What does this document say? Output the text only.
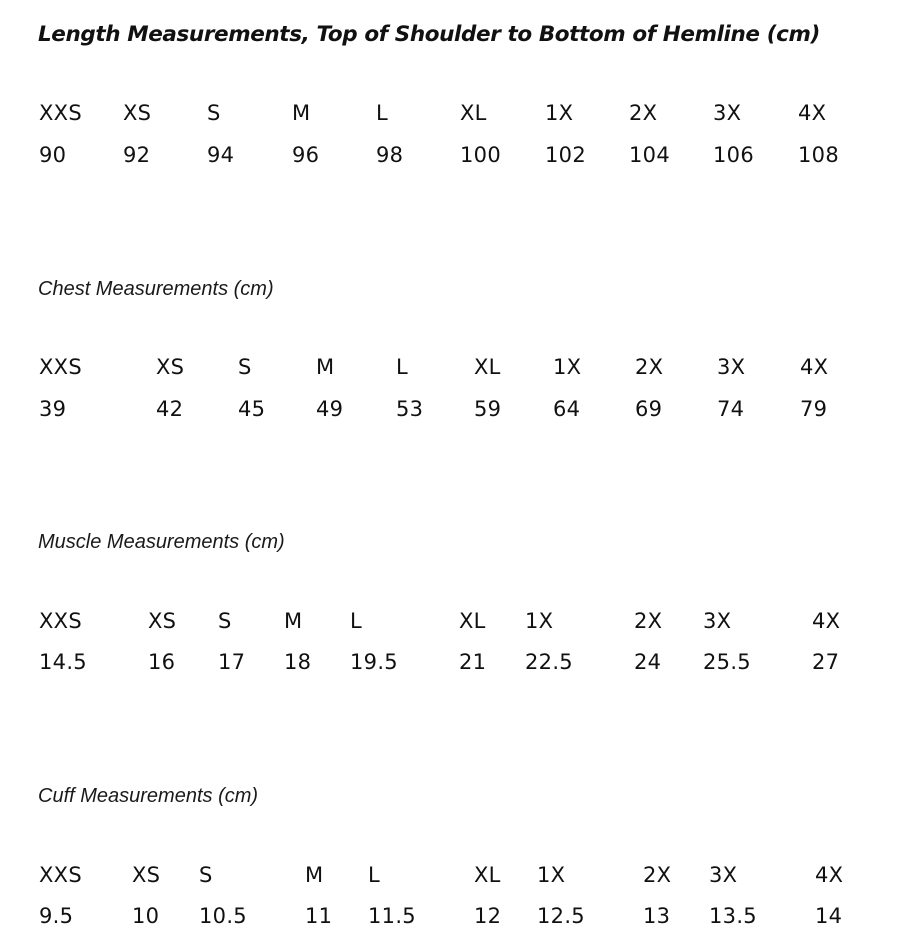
Length Measurements, Top of Shoulder to Bottom of Hemline (cm)
XXS XS	S	M	L	XL	1X	2X	3X	4X
90	92	94	96	98	100 102 104 106 108
Chest Measurements (cm)
XXS	XS	S	M	L	XL 1X	2X	3X	4X
39	42	45 49	53 59 64	69	74	79
Muscle Measurements (cm)
XXS	XS S M L	XL 1X	2X 3X	4X
14.5	16 17 18 19.5	21 22.5	24 25.5	27
Cuff Measurements (cm)
XXS XS S	M L	XL 1X	2X 3X	4X
9.5	10 10.5	11 11.5	12 12.5	13 13.5	14
